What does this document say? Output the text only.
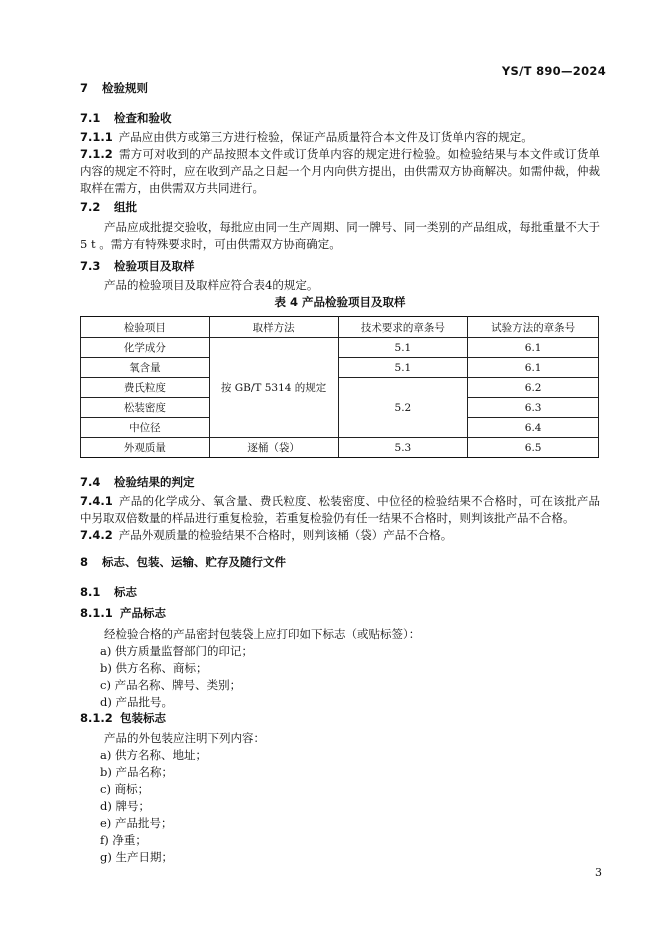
YS/T 890—2024
7 检验规则
7.1 检查和验收
7.1.1 产品应由供方或第三方进行检验，保证产品质量符合本文件及订货单内容的规定。
7.1.2 需方可对收到的产品按照本文件或订货单内容的规定进行检验。如检验结果与本文件或订货单内容的规定不符时，应在收到产品之日起一个月内向供方提出，由供需双方协商解决。如需仲裁，仲裁取样在需方，由供需双方共同进行。
7.2 组批
产品应成批提交验收，每批应由同一生产周期、同一牌号、同一类别的产品组成，每批重量不大于5 t 。需方有特殊要求时，可由供需双方协商确定。
7.3 检验项目及取样
产品的检验项目及取样应符合表4的规定。
表 4 产品检验项目及取样
检验项目	取样方法	技术要求的章条号	试验方法的章条号
化学成分	按 GB/T 5314 的规定	5.1	6.1
氧含量		5.1	6.1
费氏粒度		5.2	6.2
松装密度			6.3
中位径			6.4
外观质量	逐桶（袋）	5.3	6.5
7.4 检验结果的判定
7.4.1 产品的化学成分、氧含量、费氏粒度、松装密度、中位径的检验结果不合格时，可在该批产品中另取双倍数量的样品进行重复检验，若重复检验仍有任一结果不合格时，则判该批产品不合格。
7.4.2 产品外观质量的检验结果不合格时，则判该桶（袋）产品不合格。
8 标志、包装、运输、贮存及随行文件
8.1 标志
8.1.1 产品标志
经检验合格的产品密封包装袋上应打印如下标志（或贴标签）：
a) 供方质量监督部门的印记；
b) 供方名称、商标；
c) 产品名称、牌号、类别；
d) 产品批号。
8.1.2 包装标志
产品的外包装应注明下列内容：
a) 供方名称、地址；
b) 产品名称；
c) 商标；
d) 牌号；
e) 产品批号；
f) 净重；
g) 生产日期；
3
